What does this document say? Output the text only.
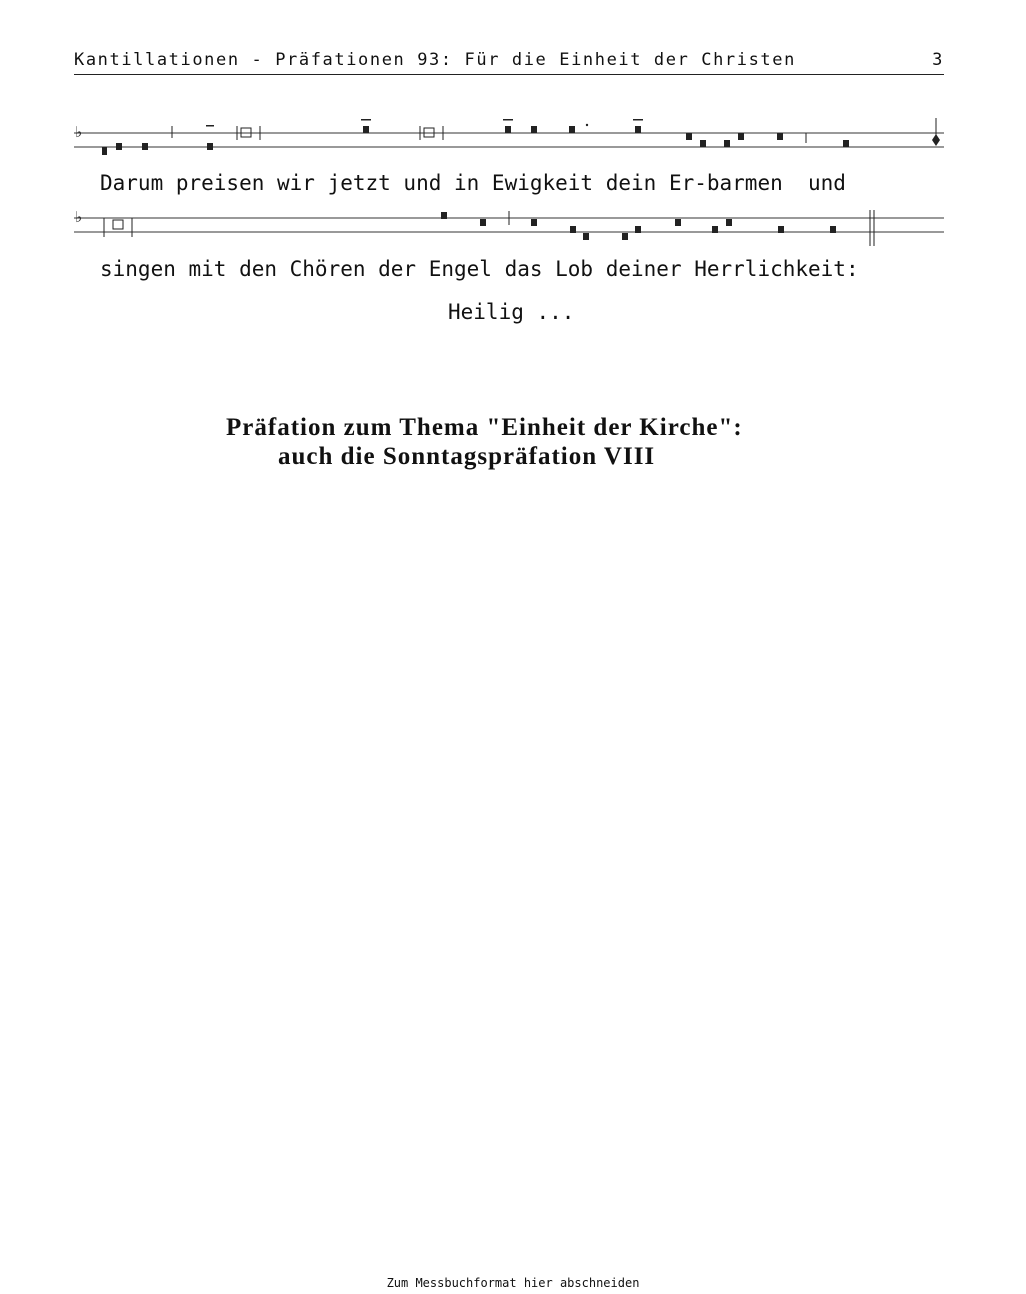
Kantillationen - Präfationen 93: Für die Einheit der Christen	3
♭
Darum preisen wir jetzt und in Ewigkeit dein Er-barmen  und
♭
singen mit den Chören der Engel das Lob deiner Herrlichkeit:
Heilig ...
Präfation zum Thema "Einheit der Kirche":
auch die Sonntagspräfation VIII
Zum Messbuchformat hier abschneiden
